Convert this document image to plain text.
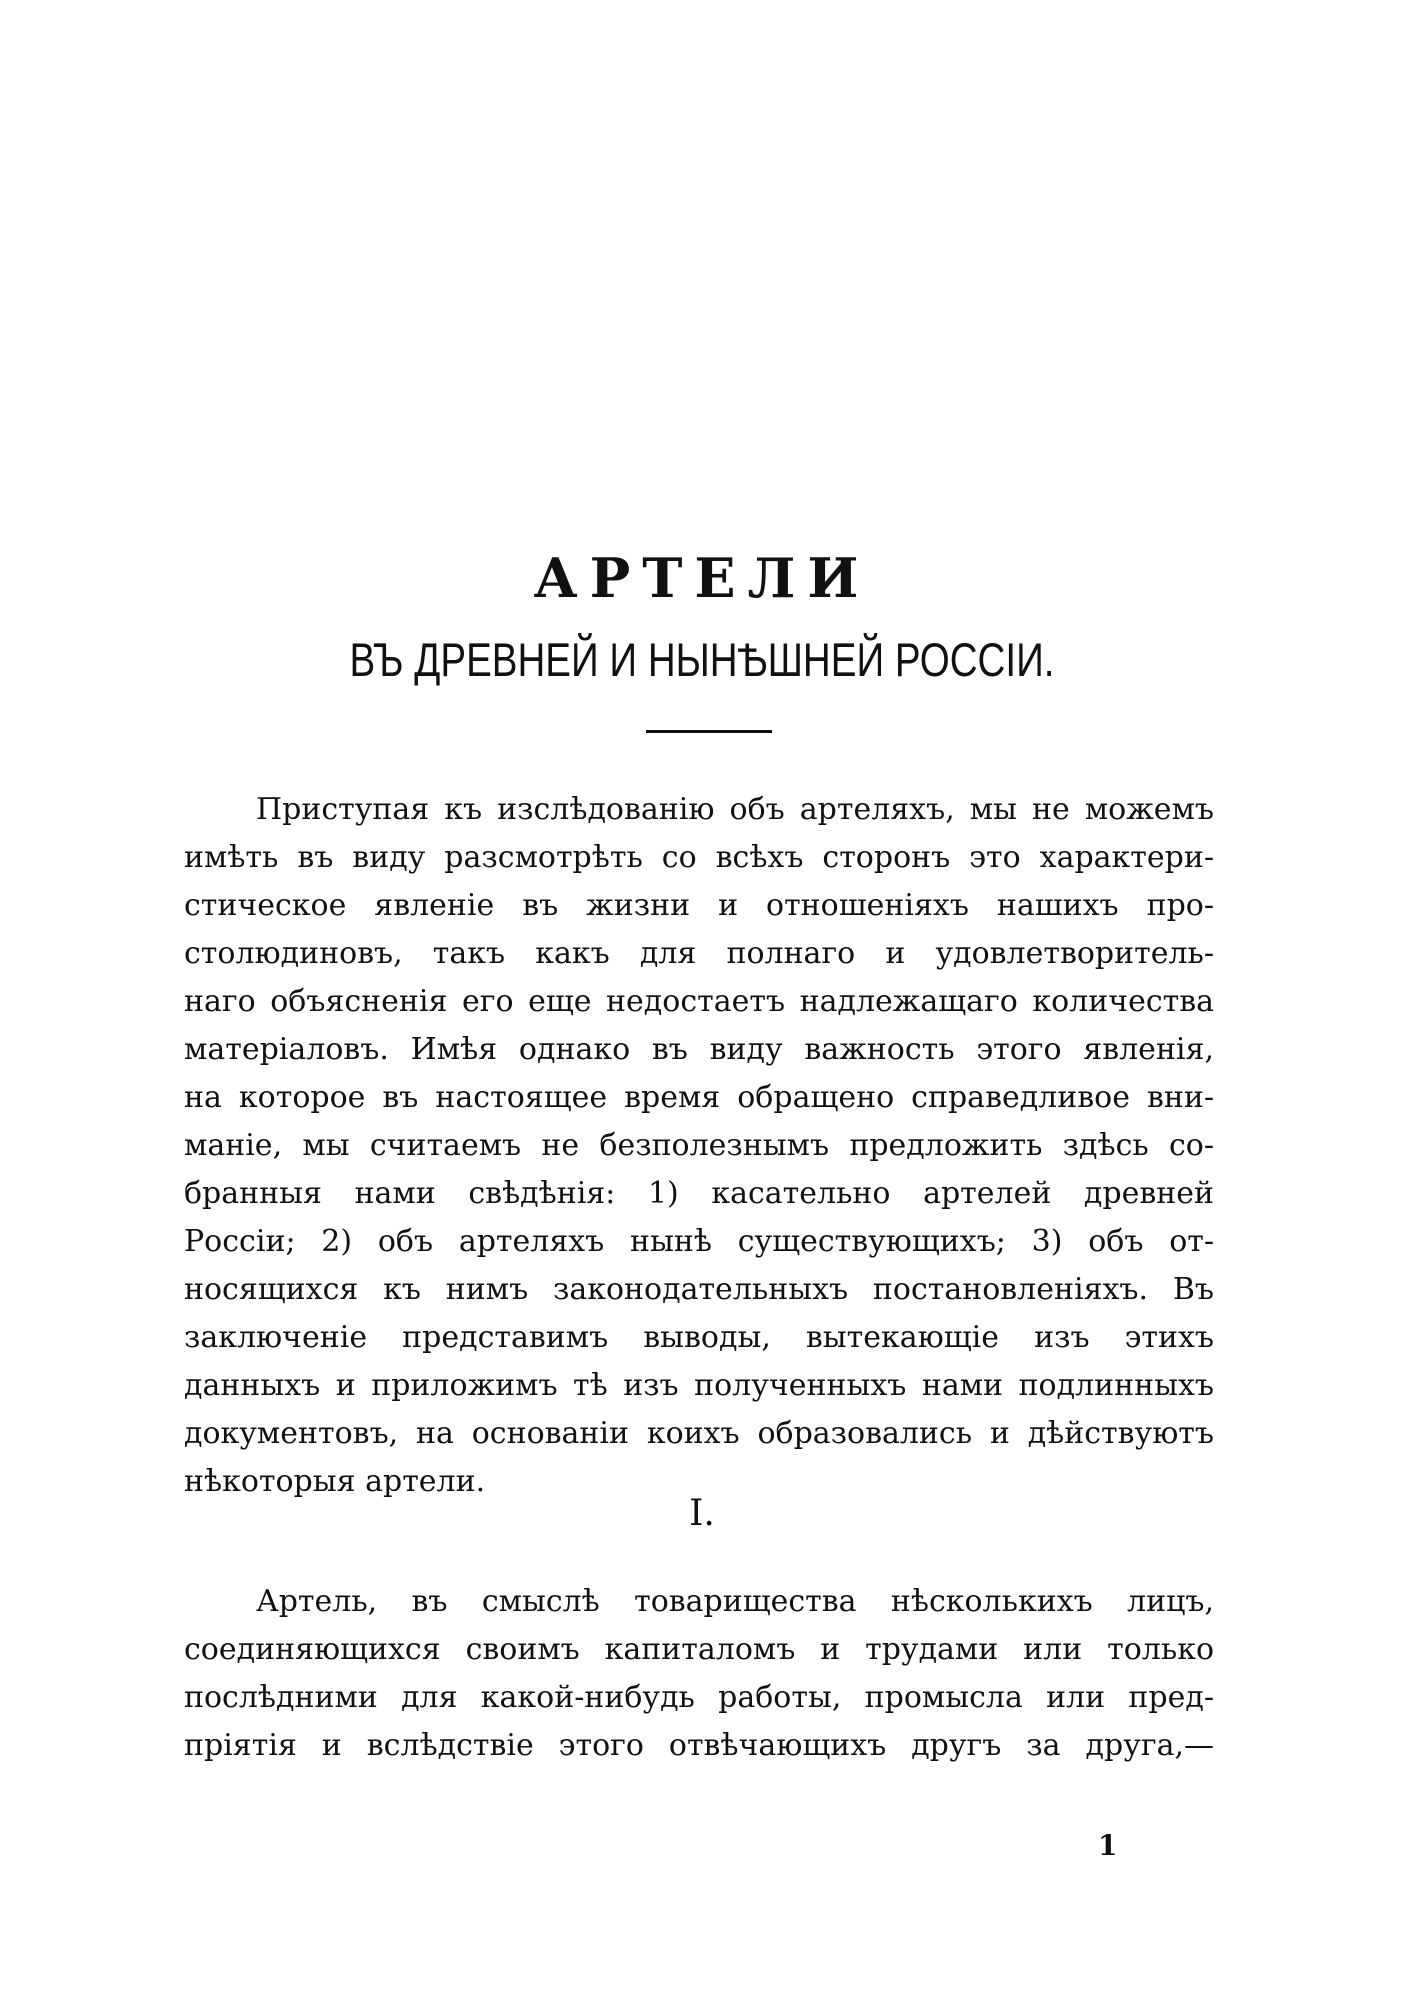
АРТЕЛИ
ВЪ ДРЕВНЕЙ И НЫНѢШНЕЙ РОССІИ.
Приступая къ изслѣдованію объ артеляхъ, мы не можемъ
имѣть въ виду разсмотрѣть со всѣхъ сторонъ это характери-
стическое явленіе въ жизни и отношеніяхъ нашихъ про-
столюдиновъ, такъ какъ для полнаго и удовлетворитель-
наго объясненія его еще недостаетъ надлежащаго количества
матеріаловъ. Имѣя однако въ виду важность этого явленія,
на которое въ настоящее время обращено справедливое вни-
маніе, мы считаемъ не безполезнымъ предложить здѣсь со-
бранныя нами свѣдѣнія: 1) касательно артелей древней
Россіи; 2) объ артеляхъ нынѣ существующихъ; 3) объ от-
носящихся къ нимъ законодательныхъ постановленіяхъ. Въ
заключеніе представимъ выводы, вытекающіе изъ этихъ
данныхъ и приложимъ тѣ изъ полученныхъ нами подлинныхъ
документовъ, на основаніи коихъ образовались и дѣйствуютъ
нѣкоторыя артели.
I.
Артель, въ смыслѣ товарищества нѣсколькихъ лицъ,
соединяющихся своимъ капиталомъ и трудами или только
послѣдними для какой-нибудь работы, промысла или пред-
пріятія и вслѣдствіе этого отвѣчающихъ другъ за друга,—
1
